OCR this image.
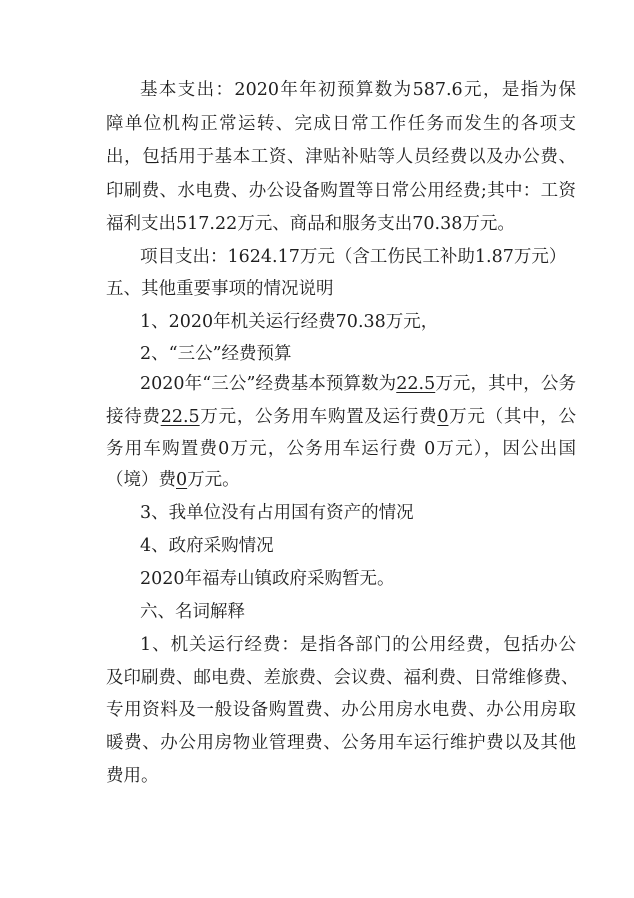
基本支出：2020年年初预算数为587.6元，是指为保
障单位机构正常运转、完成日常工作任务而发生的各项支
出，包括用于基本工资、津贴补贴等人员经费以及办公费、
印刷费、水电费、办公设备购置等日常公用经费;其中：工资
福利支出517.22万元、商品和服务支出70.38万元。
项目支出：1624.17万元（含工伤民工补助1.87万元）
五、其他重要事项的情况说明
1、2020年机关运行经费70.38万元，
2、“三公”经费预算
2020年“三公”经费基本预算数为22.5万元，其中，公务
接待费22.5万元，公务用车购置及运行费0万元（其中，公
务用车购置费0万元，公务用车运行费 0万元），因公出国
（境）费0万元。
3、我单位没有占用国有资产的情况
4、政府采购情况
2020年福寿山镇政府采购暂无。
六、名词解释
1、机关运行经费：是指各部门的公用经费，包括办公
及印刷费、邮电费、差旅费、会议费、福利费、日常维修费、
专用资料及一般设备购置费、办公用房水电费、办公用房取
暖费、办公用房物业管理费、公务用车运行维护费以及其他
费用。
